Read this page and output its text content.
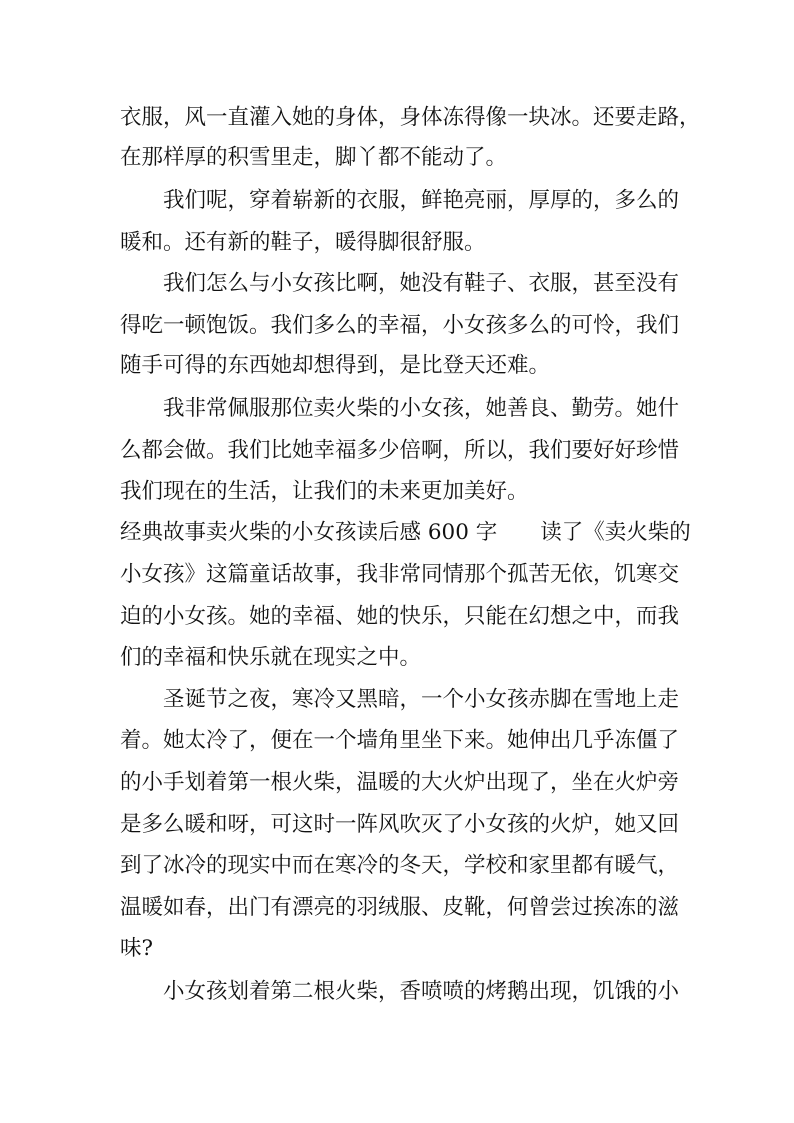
衣服，风一直灌入她的身体，身体冻得像一块冰。还要走路，
在那样厚的积雪里走，脚丫都不能动了。
我们呢，穿着崭新的衣服，鲜艳亮丽，厚厚的，多么的
暖和。还有新的鞋子，暖得脚很舒服。
我们怎么与小女孩比啊，她没有鞋子、衣服，甚至没有
得吃一顿饱饭。我们多么的幸福，小女孩多么的可怜，我们
随手可得的东西她却想得到，是比登天还难。
我非常佩服那位卖火柴的小女孩，她善良、勤劳。她什
么都会做。我们比她幸福多少倍啊，所以，我们要好好珍惜
我们现在的生活，让我们的未来更加美好。
经典故事卖火柴的小女孩读后感 600 字　　读了《卖火柴的
小女孩》这篇童话故事，我非常同情那个孤苦无依，饥寒交
迫的小女孩。她的幸福、她的快乐，只能在幻想之中，而我
们的幸福和快乐就在现实之中。
圣诞节之夜，寒冷又黑暗，一个小女孩赤脚在雪地上走
着。她太冷了，便在一个墙角里坐下来。她伸出几乎冻僵了
的小手划着第一根火柴，温暖的大火炉出现了，坐在火炉旁
是多么暖和呀，可这时一阵风吹灭了小女孩的火炉，她又回
到了冰冷的现实中而在寒冷的冬天，学校和家里都有暖气，
温暖如春，出门有漂亮的羽绒服、皮靴，何曾尝过挨冻的滋
味?
小女孩划着第二根火柴，香喷喷的烤鹅出现，饥饿的小
